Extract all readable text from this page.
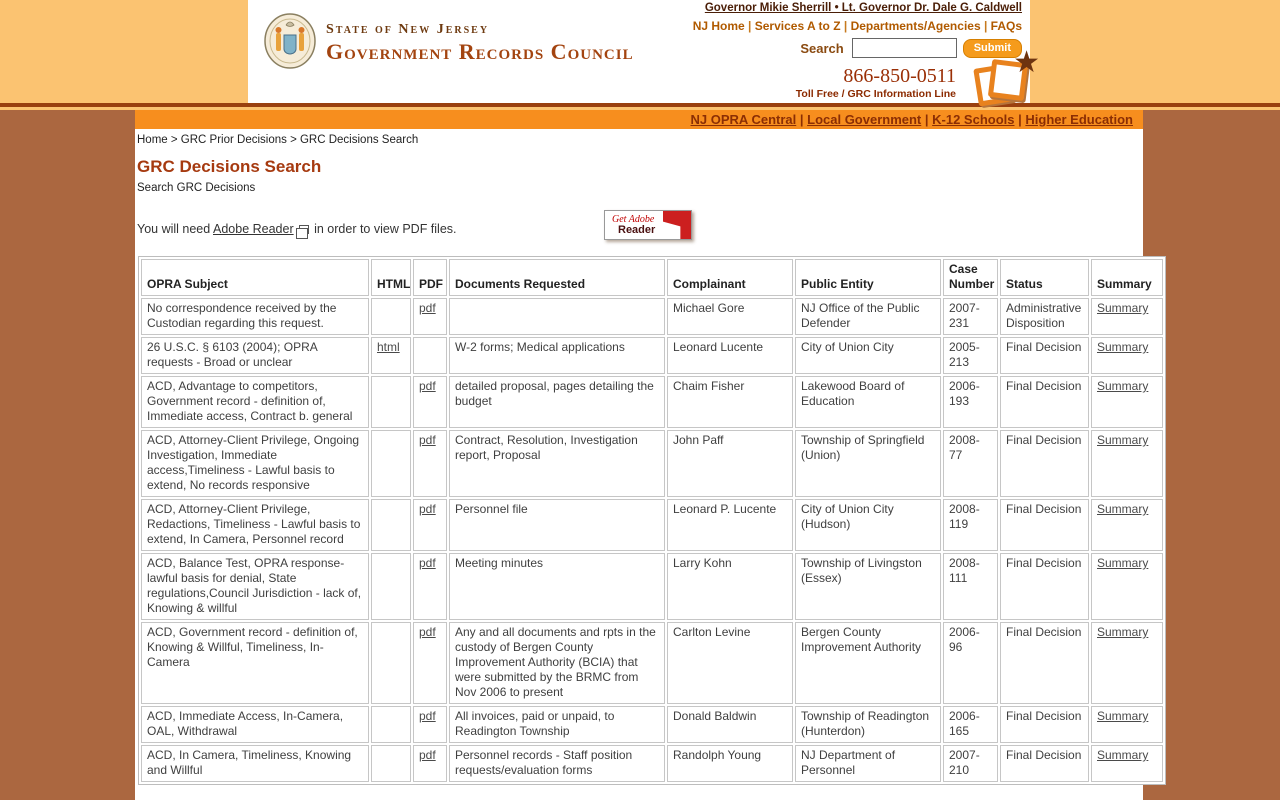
State of New Jersey
Government Records Council
Governor Mikie Sherrill • Lt. Governor Dr. Dale G. Caldwell
NJ Home | Services A to Z | Departments/Agencies | FAQs
Search	Submit
866-850-0511
Toll Free / GRC Information Line
★
NJ OPRA Central | Local Government | K-12 Schools | Higher Education
Home > GRC Prior Decisions > GRC Decisions Search
GRC Decisions Search
Search GRC Decisions
You will need Adobe Reader in order to view PDF files.
Get Adobe
Reader
OPRA Subject	HTML	PDF	Documents Requested	Complainant	Public Entity	Case Number	Status	Summary
No correspondence received by the Custodian regarding this request.		pdf		Michael Gore	NJ Office of the Public Defender	2007-231	Administrative Disposition	Summary
26 U.S.C. § 6103 (2004); OPRA requests - Broad or unclear	html		W-2 forms; Medical applications	Leonard Lucente	City of Union City	2005-213	Final Decision	Summary
ACD, Advantage to competitors, Government record - definition of, Immediate access, Contract b. general		pdf	detailed proposal, pages detailing the budget	Chaim Fisher	Lakewood Board of Education	2006-193	Final Decision	Summary
ACD, Attorney-Client Privilege, Ongoing Investigation, Immediate access,Timeliness - Lawful basis to extend, No records responsive		pdf	Contract, Resolution, Investigation report, Proposal	John Paff	Township of Springfield (Union)	2008-77	Final Decision	Summary
ACD, Attorney-Client Privilege, Redactions, Timeliness - Lawful basis to extend, In Camera, Personnel record		pdf	Personnel file	Leonard P. Lucente	City of Union City (Hudson)	2008-119	Final Decision	Summary
ACD, Balance Test, OPRA response-lawful basis for denial, State regulations,Council Jurisdiction - lack of, Knowing & willful		pdf	Meeting minutes	Larry Kohn	Township of Livingston (Essex)	2008-111	Final Decision	Summary
ACD, Government record - definition of, Knowing & Willful, Timeliness, In-Camera		pdf	Any and all documents and rpts in the custody of Bergen County Improvement Authority (BCIA) that were submitted by the BRMC from Nov 2006 to present	Carlton Levine	Bergen County Improvement Authority	2006-96	Final Decision	Summary
ACD, Immediate Access, In-Camera, OAL, Withdrawal		pdf	All invoices, paid or unpaid, to Readington Township	Donald Baldwin	Township of Readington (Hunterdon)	2006-165	Final Decision	Summary
ACD, In Camera, Timeliness, Knowing and Willful		pdf	Personnel records - Staff position requests/evaluation forms	Randolph Young	NJ Department of Personnel	2007-210	Final Decision	Summary
